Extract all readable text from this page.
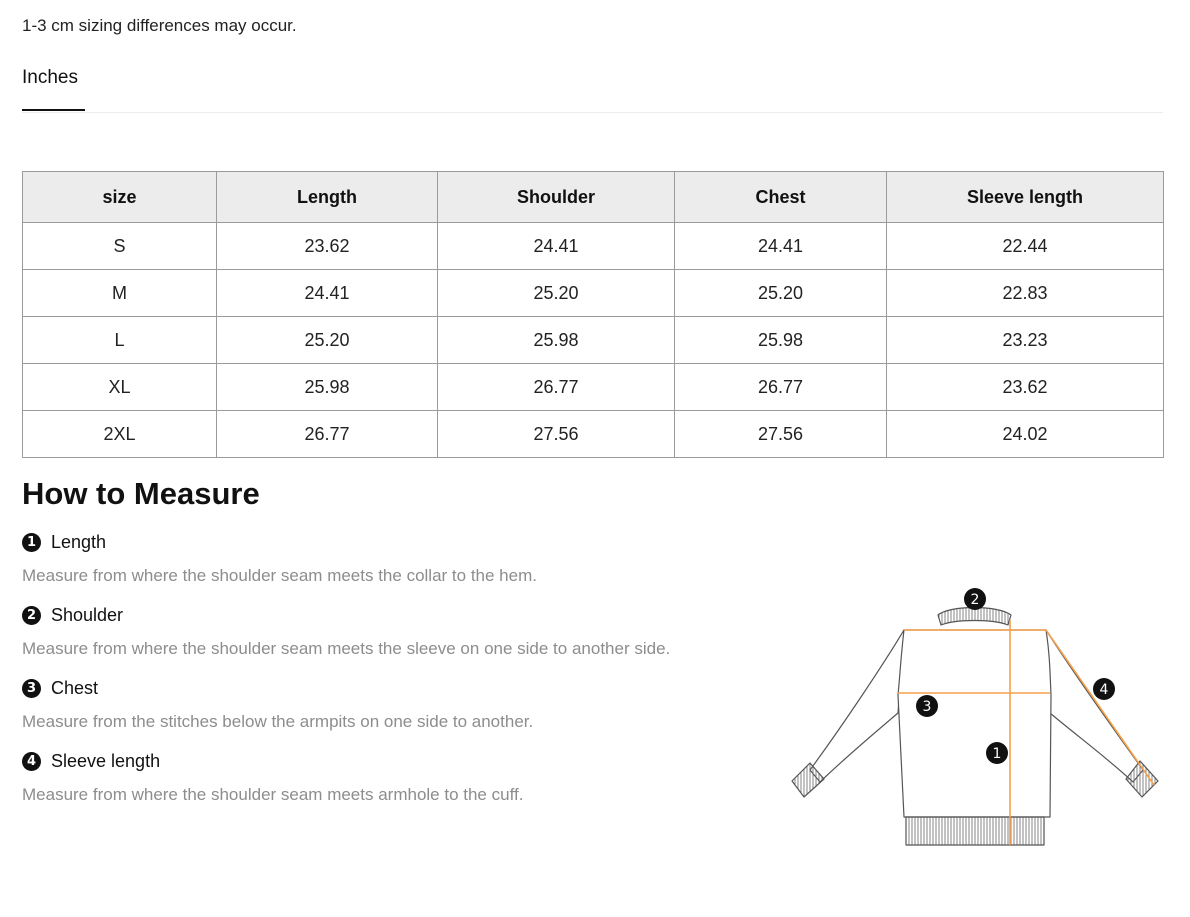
1-3 cm sizing differences may occur.
Inches
size	Length	Shoulder	Chest	Sleeve length
S	23.62	24.41	24.41	22.44
M	24.41	25.20	25.20	22.83
L	25.20	25.98	25.98	23.23
XL	25.98	26.77	26.77	23.62
2XL	26.77	27.56	27.56	24.02
How to Measure
1 Length
Measure from where the shoulder seam meets the collar to the hem.
2 Shoulder
Measure from where the shoulder seam meets the sleeve on one side to another side.
3 Chest
Measure from the stitches below the armpits on one side to another.
4 Sleeve length
Measure from where the shoulder seam meets armhole to the cuff.
1
2
3
4
